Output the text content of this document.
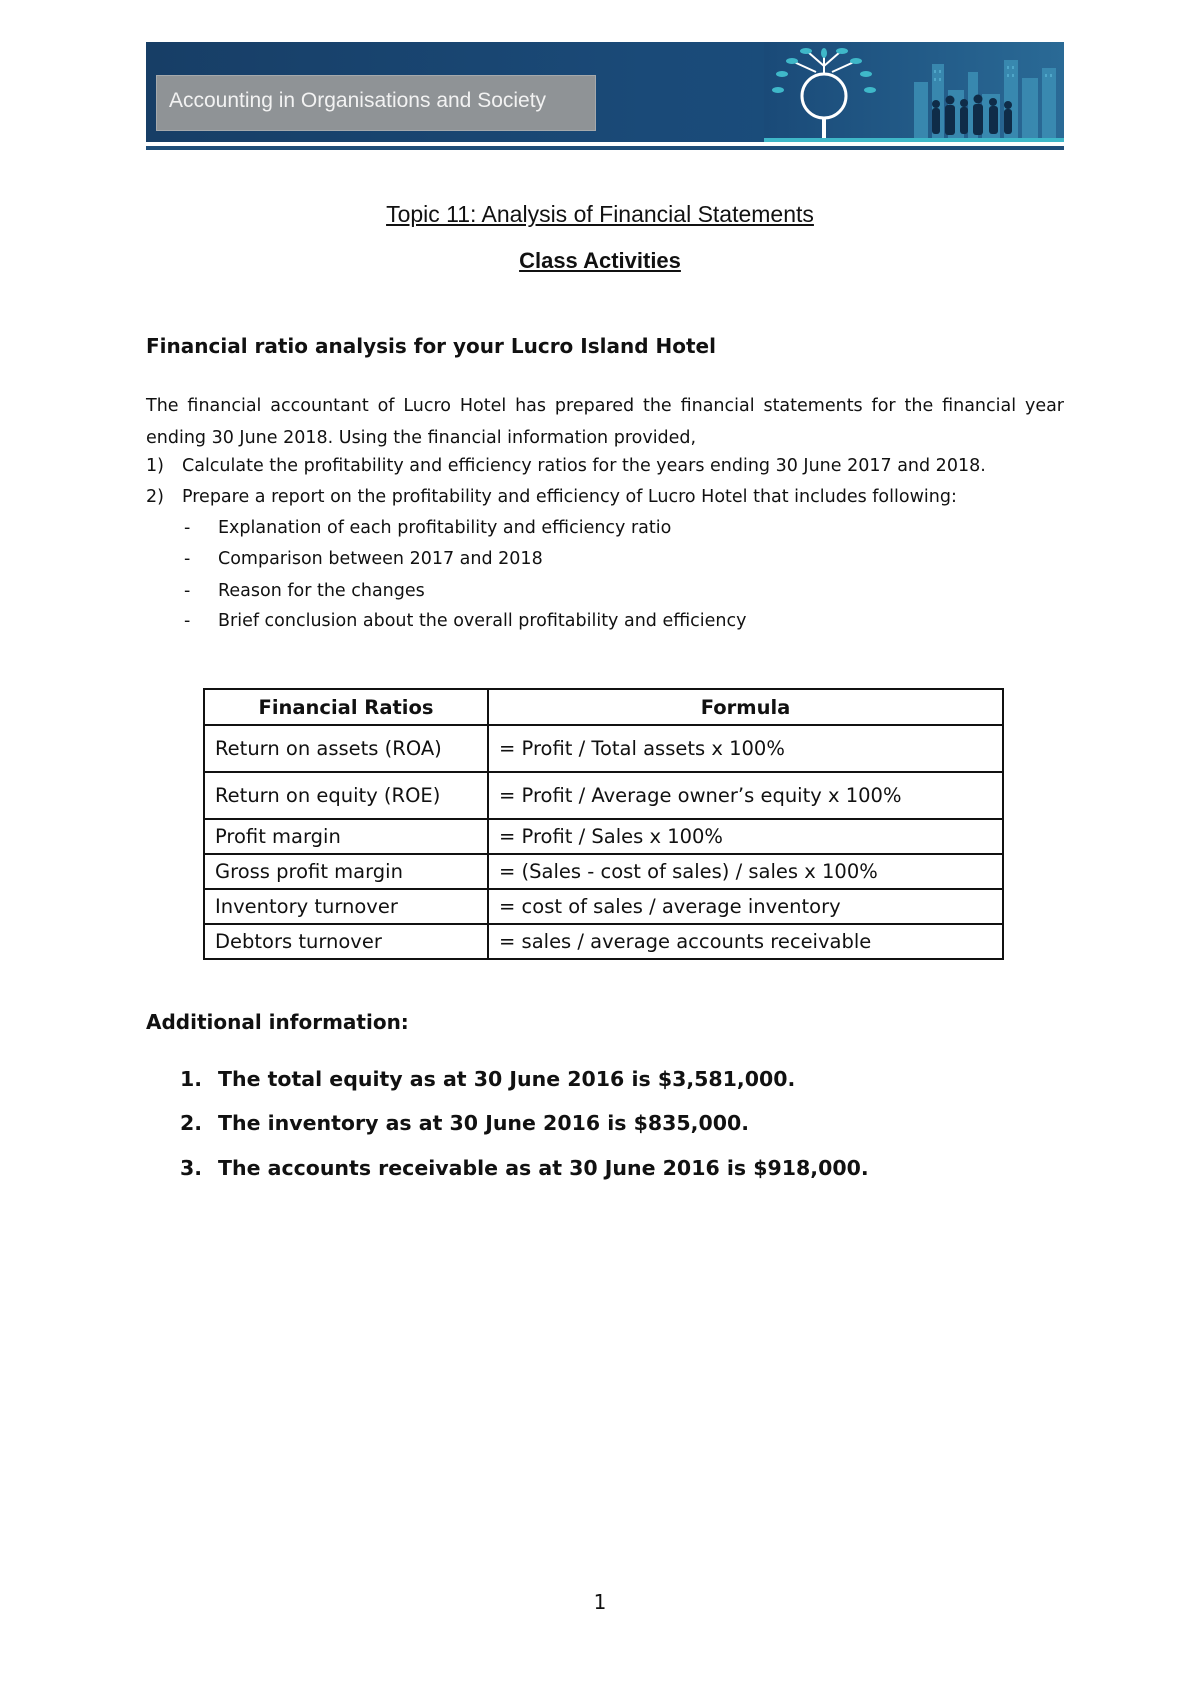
Accounting in Organisations and Society
Topic 11: Analysis of Financial Statements
Class Activities
Financial ratio analysis for your Lucro Island Hotel

The financial accountant of Lucro Hotel has prepared the financial statements for the financial year ending 30 June 2018. Using the financial information provided,

1) Calculate the profitability and efficiency ratios for the years ending 30 June 2017 and 2018.
2) Prepare a report on the profitability and efficiency of Lucro Hotel that includes following:
- Explanation of each profitability and efficiency ratio
- Comparison between 2017 and 2018
- Reason for the changes
- Brief conclusion about the overall profitability and efficiency
Financial Ratios	Formula
Return on assets (ROA)	= Profit / Total assets x 100%
Return on equity (ROE)	= Profit / Average owner’s equity x 100%
Profit margin	= Profit / Sales x 100%
Gross profit margin	= (Sales - cost of sales) / sales x 100%
Inventory turnover	= cost of sales / average inventory
Debtors turnover	= sales / average accounts receivable
Additional information:
1. The total equity as at 30 June 2016 is $3,581,000.
2. The inventory as at 30 June 2016 is $835,000.
3. The accounts receivable as at 30 June 2016 is $918,000.
1
